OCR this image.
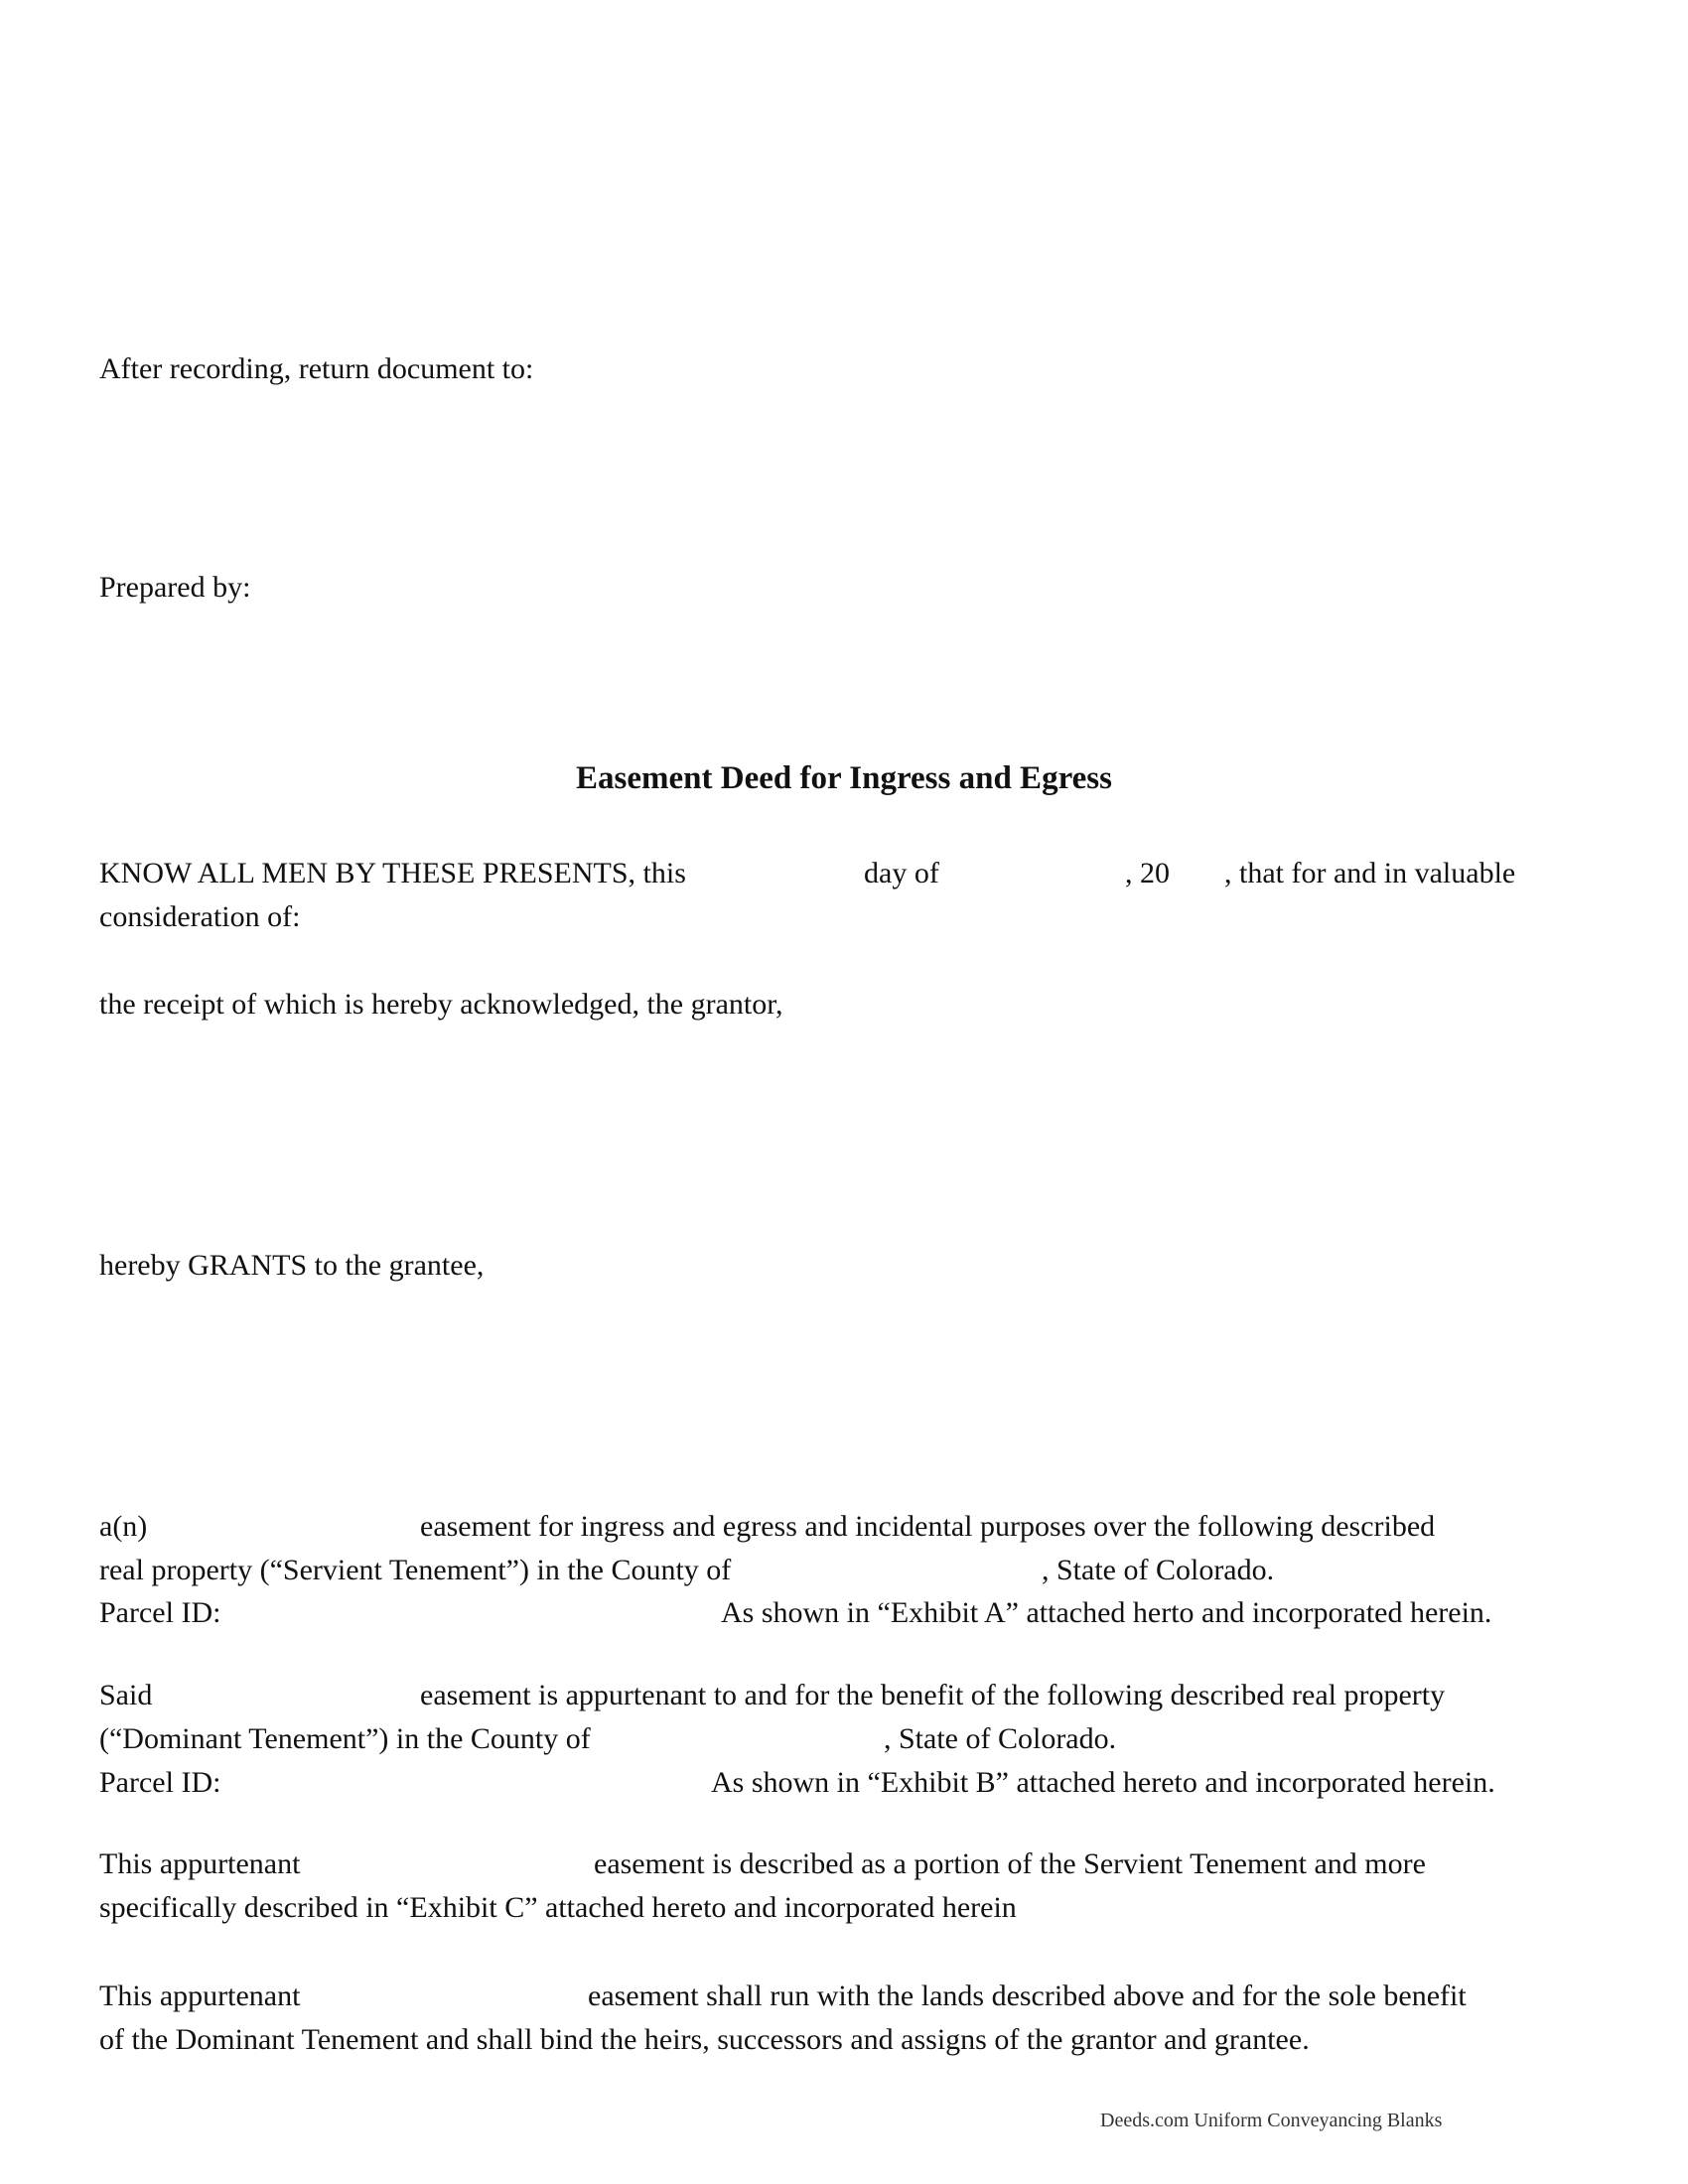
After recording, return document to:
Prepared by:
Easement Deed for Ingress and Egress
KNOW ALL MEN BY THESE PRESENTS, this	day of	, 20 , that for and in valuable
consideration of:
the receipt of which is hereby acknowledged, the grantor,
hereby GRANTS to the grantee,
a(n)	easement for ingress and egress and incidental purposes over the following described
real property (“Servient Tenement”) in the County of	, State of Colorado.
Parcel ID:	As shown in “Exhibit A” attached herto and incorporated herein.
Said	easement is appurtenant to and for the benefit of the following described real property
(“Dominant Tenement”) in the County of	, State of Colorado.
Parcel ID:	As shown in “Exhibit B” attached hereto and incorporated herein.
This appurtenant	easement is described as a portion of the Servient Tenement and more
specifically described in “Exhibit C” attached hereto and incorporated herein
This appurtenant	easement shall run with the lands described above and for the sole benefit
of the Dominant Tenement and shall bind the heirs, successors and assigns of the grantor and grantee.
Deeds.com Uniform Conveyancing Blanks
